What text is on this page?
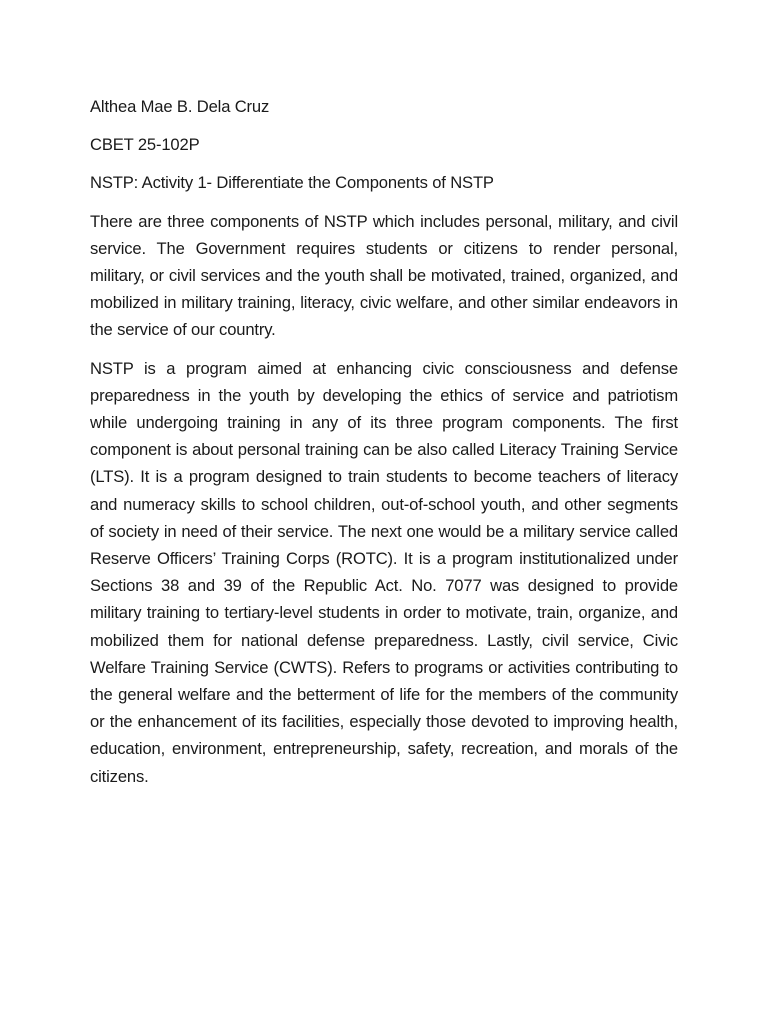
Althea Mae B. Dela Cruz

CBET 25-102P

NSTP: Activity 1- Differentiate the Components of NSTP

There are three components of NSTP which includes personal, military, and civil service. The Government requires students or citizens to render personal, military, or civil services and the youth shall be motivated, trained, organized, and mobilized in military training, literacy, civic welfare, and other similar endeavors in the service of our country.

NSTP is a program aimed at enhancing civic consciousness and defense preparedness in the youth by developing the ethics of service and patriotism while undergoing training in any of its three program components. The first component is about personal training can be also called Literacy Training Service (LTS). It is a program designed to train students to become teachers of literacy and numeracy skills to school children, out-of-school youth, and other segments of society in need of their service. The next one would be a military service called Reserve Officers’ Training Corps (ROTC). It is a program institutionalized under Sections 38 and 39 of the Republic Act. No. 7077 was designed to provide military training to tertiary-level students in order to motivate, train, organize, and mobilized them for national defense preparedness. Lastly, civil service, Civic Welfare Training Service (CWTS). Refers to programs or activities contributing to the general welfare and the betterment of life for the members of the community or the enhancement of its facilities, especially those devoted to improving health, education, environment, entrepreneurship, safety, recreation, and morals of the citizens.
